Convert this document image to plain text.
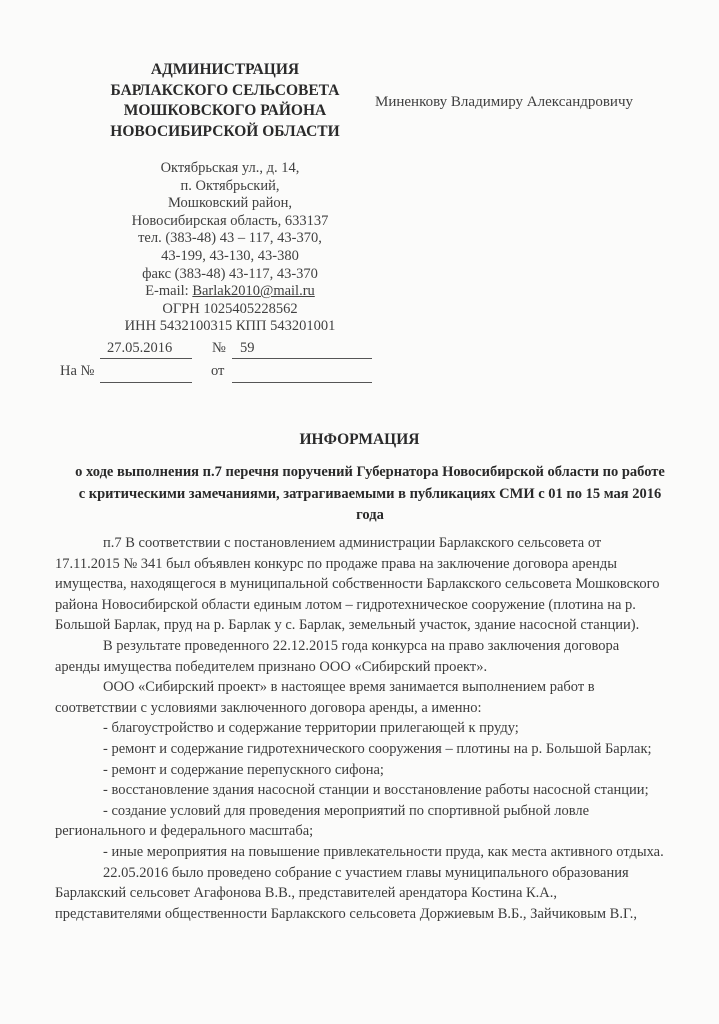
АДМИНИСТРАЦИЯ
БАРЛАКСКОГО СЕЛЬСОВЕТА
МОШКОВСКОГО РАЙОНА
НОВОСИБИРСКОЙ ОБЛАСТИ
Миненкову Владимиру Александровичу
Октябрьская ул., д. 14,
п. Октябрьский,
Мошковский район,
Новосибирская область, 633137
тел. (383-48) 43 – 117, 43-370,
43-199, 43-130, 43-380
факс (383-48) 43-117, 43-370
E-mail: Barlak2010@mail.ru
ОГРН 1025405228562
ИНН 5432100315 КПП 543201001
27.05.2016	№ 59
На №	от
ИНФОРМАЦИЯ
о ходе выполнения п.7 перечня поручений Губернатора Новосибирской области по работе
с критическими замечаниями, затрагиваемыми в публикациях СМИ с 01 по 15 мая 2016
года

п.7 В соответствии с постановлением администрации Барлакского сельсовета от 17.11.2015 № 341 был объявлен конкурс по продаже права на заключение договора аренды имущества, находящегося в муниципальной собственности Барлакского сельсовета Мошковского района Новосибирской области единым лотом – гидротехническое сооружение (плотина на р. Большой Барлак, пруд на р. Барлак у с. Барлак, земельный участок, здание насосной станции).

В результате проведенного 22.12.2015 года конкурса на право заключения договора аренды имущества победителем признано ООО «Сибирский проект».

ООО «Сибирский проект» в настоящее время занимается выполнением работ в соответствии с условиями заключенного договора аренды, а именно:

- благоустройство и содержание территории прилегающей к пруду;

- ремонт и содержание гидротехнического сооружения – плотины на р. Большой Барлак;

- ремонт и содержание перепускного сифона;

- восстановление здания насосной станции и восстановление работы насосной станции;

- создание условий для проведения мероприятий по спортивной рыбной ловле регионального и федерального масштаба;

- иные мероприятия на повышение привлекательности пруда, как места активного отдыха.

22.05.2016 было проведено собрание с участием главы муниципального образования Барлакский сельсовет Агафонова В.В., представителей арендатора Костина К.А., представителями общественности Барлакского сельсовета Доржиевым В.Б., Зайчиковым В.Г.,
